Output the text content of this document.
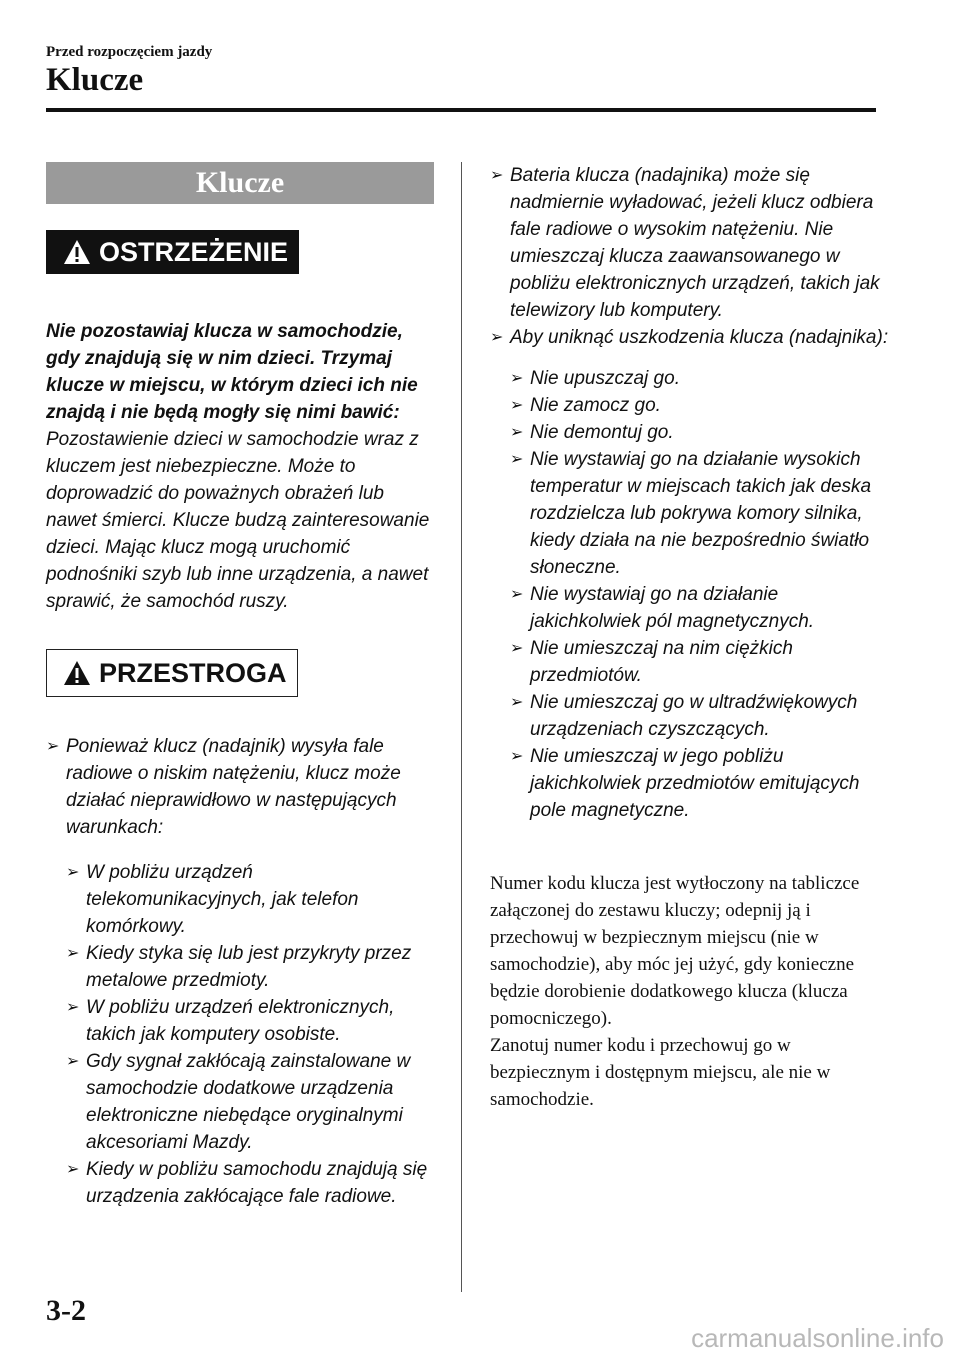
Przed rozpoczęciem jazdy
Klucze
Klucze
OSTRZEŻENIE

Nie pozostawiaj klucza w samochodzie, gdy znajdują się w nim dzieci. Trzymaj klucze w miejscu, w którym dzieci ich nie znajdą i nie będą mogły się nimi bawić:

Pozostawienie dzieci w samochodzie wraz z kluczem jest niebezpieczne. Może to doprowadzić do poważnych obrażeń lub nawet śmierci. Klucze budzą zainteresowanie dzieci. Mając klucz mogą uruchomić podnośniki szyb lub inne urządzenia, a nawet sprawić, że samochód ruszy.

PRZESTROGA
➢ Ponieważ klucz (nadajnik) wysyła fale radiowe o niskim natężeniu, klucz może działać nieprawidłowo w następujących warunkach:
➢ W pobliżu urządzeń telekomunikacyjnych, jak telefon komórkowy.
➢ Kiedy styka się lub jest przykryty przez metalowe przedmioty.
➢ W pobliżu urządzeń elektronicznych, takich jak komputery osobiste.
➢ Gdy sygnał zakłócają zainstalowane w samochodzie dodatkowe urządzenia elektroniczne niebędące oryginalnymi akcesoriami Mazdy.
➢ Kiedy w pobliżu samochodu znajdują się urządzenia zakłócające fale radiowe.
➢ Bateria klucza (nadajnika) może się nadmiernie wyładować, jeżeli klucz odbiera fale radiowe o wysokim natężeniu. Nie umieszczaj klucza zaawansowanego w pobliżu elektronicznych urządzeń, takich jak telewizory lub komputery.
➢ Aby uniknąć uszkodzenia klucza (nadajnika):
➢ Nie upuszczaj go.
➢ Nie zamocz go.
➢ Nie demontuj go.
➢ Nie wystawiaj go na działanie wysokich temperatur w miejscach takich jak deska rozdzielcza lub pokrywa komory silnika, kiedy działa na nie bezpośrednio światło słoneczne.
➢ Nie wystawiaj go na działanie jakichkolwiek pól magnetycznych.
➢ Nie umieszczaj na nim ciężkich przedmiotów.
➢ Nie umieszczaj go w ultradźwiękowych urządzeniach czyszczących.
➢ Nie umieszczaj w jego pobliżu jakichkolwiek przedmiotów emitujących pole magnetyczne.

Numer kodu klucza jest wytłoczony na tabliczce załączonej do zestawu kluczy; odepnij ją i przechowuj w bezpiecznym miejscu (nie w samochodzie), aby móc jej użyć, gdy konieczne będzie dorobienie dodatkowego klucza (klucza pomocniczego).

Zanotuj numer kodu i przechowuj go w bezpiecznym i dostępnym miejscu, ale nie w samochodzie.

3-2
carmanualsonline.info
